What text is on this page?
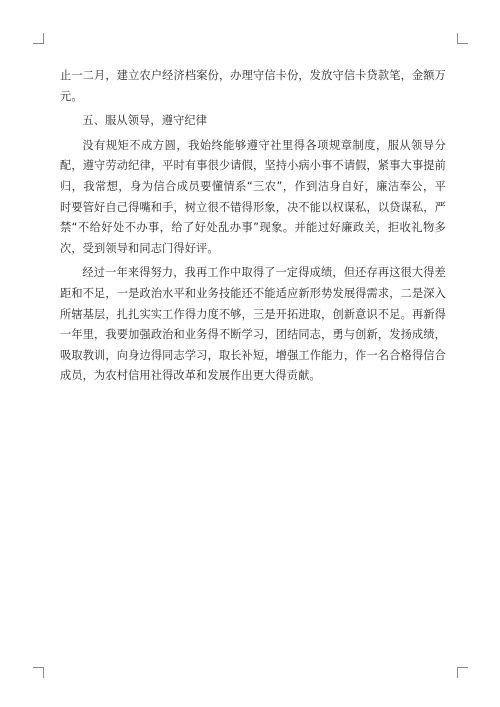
止一二月，建立农户经济档案份，办理守信卡份，发放守信卡贷款笔，金额万元。

五、服从领导，遵守纪律

没有规矩不成方圆，我始终能够遵守社里得各项规章制度，服从领导分配，遵守劳动纪律，平时有事很少请假，坚持小病小事不请假，紧事大事提前归，我常想，身为信合成员要懂情系“三农”，作到洁身自好，廉洁奉公，平时要管好自己得嘴和手，树立很不错得形象，决不能以权谋私，以贷谋私，严禁“不给好处不办事，给了好处乱办事”现象。并能过好廉政关，拒收礼物多次，受到领导和同志门得好评。

经过一年来得努力，我再工作中取得了一定得成绩，但还存再这很大得差距和不足，一是政治水平和业务技能还不能适应新形势发展得需求，二是深入所辖基层，扎扎实实工作得力度不够，三是开拓进取，创新意识不足。再新得一年里，我要加强政治和业务得不断学习，团结同志，勇与创新，发扬成绩，吸取教训，向身边得同志学习，取长补短，增强工作能力，作一名合格得信合成员，为农村信用社得改革和发展作出更大得贡献。
